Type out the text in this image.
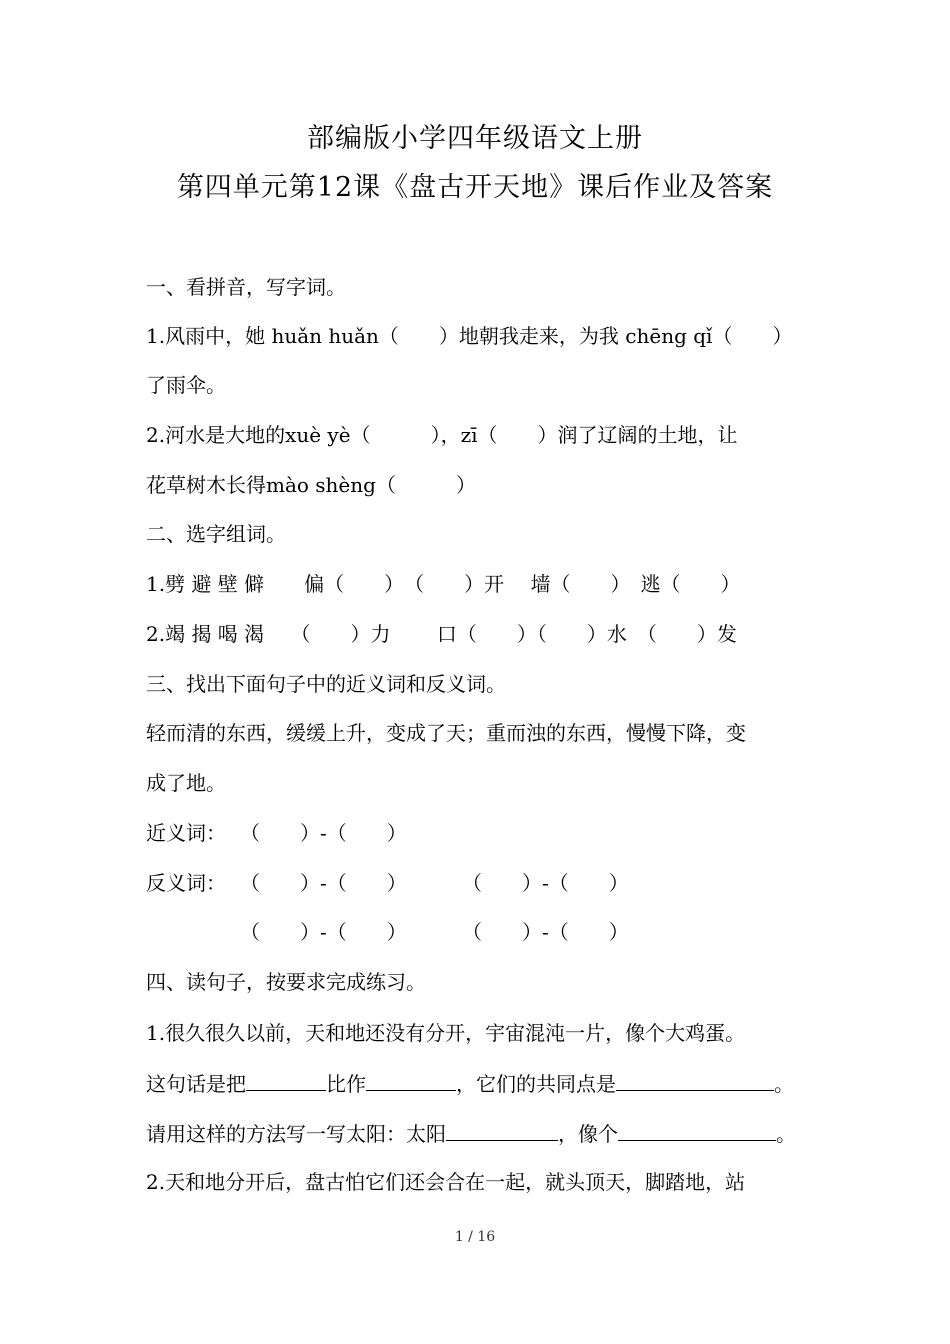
部编版小学四年级语文上册
第四单元第12课《盘古开天地》课后作业及答案
一、看拼音，写字词。
1.风雨中，她 huǎn huǎn（　　）地朝我走来，为我 chēng qǐ（　　）
了雨伞。
2.河水是大地的xuè yè（　　　），zī（　　）润了辽阔的土地，让
花草树木长得mào shèng（　　　）
二、选字组词。
1.劈 避 壁 僻　　偏（　　）　（　　）开　 墙（　　）　逃（　　）
2.竭 揭 喝 渴　 （　　）力　　 口（　　）（　　）水　（　　）发
三、找出下面句子中的近义词和反义词。
轻而清的东西，缓缓上升，变成了天；重而浊的东西，慢慢下降，变
成了地。
近义词： （　　）-（　　）
反义词： （　　）-（　　）	（　　）-（　　）
（　　）-（　　）	（　　）-（　　）
四、读句子，按要求完成练习。
1.很久很久以前，天和地还没有分开，宇宙混沌一片，像个大鸡蛋。
这句话是把	比作	，它们的共同点是	。
请用这样的方法写一写太阳：太阳	，像个	。
2.天和地分开后，盘古怕它们还会合在一起，就头顶天，脚踏地，站
1 / 16
